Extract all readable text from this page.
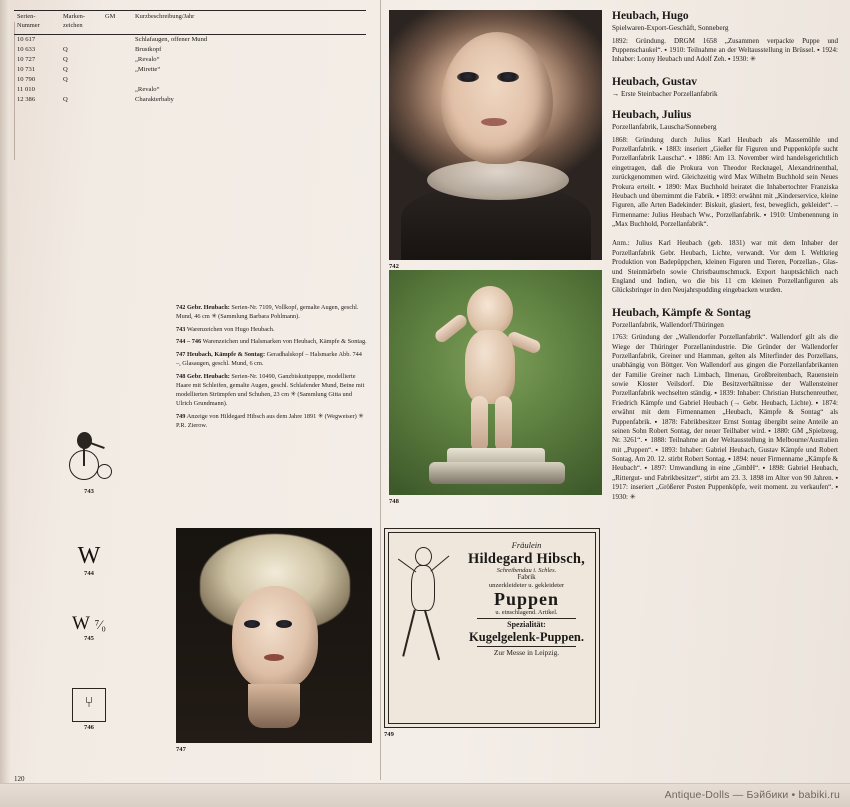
Serien-Nummer	Marken-zeichen	GM	Kurzbeschreibung/Jahr
10 617			Schlafaugen, offener Mund
10 633	Q		Brustkopf
10 727	Q		„Revalo“
10 731	Q		„Mirette“
10 790	Q		
11 010			„Revalo“
12 386	Q		Charakterbaby
742
748

742 Gebr. Heubach: Serien-Nr. 7109, Vollkopf, gemalte Augen, geschl. Mund, 46 cm ✳ (Sammlung Barbara Pohlmann).

743 Warenzeichen von Hugo Heubach.

744 – 746 Warenzeichen und Halsmarken von Heubach, Kämpfe & Sontag.

747 Heubach, Kämpfe & Sontag: Geradhalskopf – Halsmarke Abb. 744 –, Glasaugen, geschl. Mund, 6 cm.

748 Gebr. Heubach: Serien-Nr. 10490, Ganzbiskuitpuppe, modellierte Haare mit Schleifen, gemalte Augen, geschl. Schlafender Mund, Beine mit modellierten Strümpfen und Schuhen, 23 cm ✳ (Sammlung Gitta und Ulrich Grundmann).

749 Anzeige von Hildegard Hibsch aus dem Jahre 1891 ✳ (Wegweiser) ✳ P.R. Zierow.

743
W
744
W ⁷∕₀
745
⑂
746
747
Fräulein
Hildegard Hibsch,
Schreibendau i. Schles.
Fabrik
unzerkleideter u. gekleideter
Puppen
u. einschlagend. Artikel.
Spezialität:
Kugelgelenk-Puppen.
Zur Messe in Leipzig.
749
Heubach, Hugo
Spielwaren-Export-Geschäft, Sonneberg

1892: Gründung. DRGM 1658 „Zusammen verpackte Puppe und Puppenschaukel“. ▪ 1910: Teilnahme an der Weltausstellung in Brüssel. ▪ 1924: Inhaber: Lonny Heubach und Adolf Zeh. ▪ 1930: ✳

Heubach, Gustav
→ Erste Steinbacher Porzellanfabrik
Heubach, Julius
Porzellanfabrik, Lauscha/Sonneberg

1868: Gründung durch Julius Karl Heubach als Massemühle und Porzellanfabrik. ▪ 1883: inseriert „Gießer für Figuren und Puppenköpfe sucht Porzellanfabrik Lauscha“. ▪ 1886: Am 13. November wird handelsgerichtlich eingetragen, daß die Prokura von Theodor Recknagel, Alexandrinenthal, zurückgenommen wird. Gleichzeitig wird Max Wilhelm Buchhold sein Neues Prokura erteilt. ▪ 1890: Max Buchhold heiratet die Inhabertochter Franziska Heubach und übernimmt die Fabrik. ▪ 1893: erwähnt mit „Kinderservice, kleine Figuren, alle Arten Badekinder: Biskuit, glasiert, fest, beweglich, gekleidet“. – Firmenname: Julius Heubach Ww., Porzellanfabrik. ▪ 1910: Umbenennung in „Max Buchhold, Porzellanfabrik“.

Anm.: Julius Karl Heubach (geb. 1831) war mit dem Inhaber der Porzellanfabrik Gebr. Heubach, Lichte, verwandt. Vor dem I. Weltkrieg Produktion von Badepüppchen, kleinen Figuren und Tieren, Porzellan-, Glas- und Steinmärbeln sowie Christbaumschmuck. Export hauptsächlich nach England und Indien, wo die bis 11 cm kleinen Porzellanfiguren als Glücksbringer in den Neujahrspudding eingebacken wurden.

Heubach, Kämpfe & Sontag
Porzellanfabrik, Wallendorf/Thüringen

1763: Gründung der „Wallendorfer Porzellanfabrik“. Wallendorf gilt als die Wiege der Thüringer Porzellanindustrie. Die Gründer der Wallendorfer Porzellanfabrik, Greiner und Hamman, gelten als Miterfinder des Porzellans, unabhängig von Böttger. Von Wallendorf aus gingen die Porzellanfabrikanten der Familie Greiner nach Limbach, Ilmenau, Großbreitenbach, Rauenstein sowie Kloster Veilsdorf. Die Besitzverhältnisse der Wallensteiner Porzellanfabrik wechselten ständig. ▪ 1839: Inhaber: Christian Hutschenreuther, Friedrich Kämpfe und Gabriel Heubach (→ Gebr. Heubach, Lichte). ▪ 1874: erwähnt mit dem Firmennamen „Heubach, Kämpfe & Sontag“ als Puppenfabrik. ▪ 1878: Fabrikbesitzer Ernst Sontag übergibt seine Anteile an seinen Sohn Robert Sontag, der neuer Teilhaber wird. ▪ 1880: GM „Spielzeug, Nr. 3261“. ▪ 1888: Teilnahme an der Weltausstellung in Melbourne/Australien mit „Puppen“. ▪ 1893: Inhaber: Gabriel Heubach, Gustav Kämpfe und Robert Sontag. Am 20. 12. stirbt Robert Sontag. ▪ 1894: neuer Firmenname „Kämpfe & Heubach“. ▪ 1897: Umwandlung in eine „GmbH“. ▪ 1898: Gabriel Heubach, „Rittergut- und Fabrikbesitzer“, stirbt am 23. 3. 1898 im Alter von 90 Jahren. ▪ 1917: inseriert „Größerer Posten Puppenköpfe, weit moment. zu verkaufen“. ▪ 1930: ✳

120
Antique-Dolls — Бэйбики • babiki.ru
